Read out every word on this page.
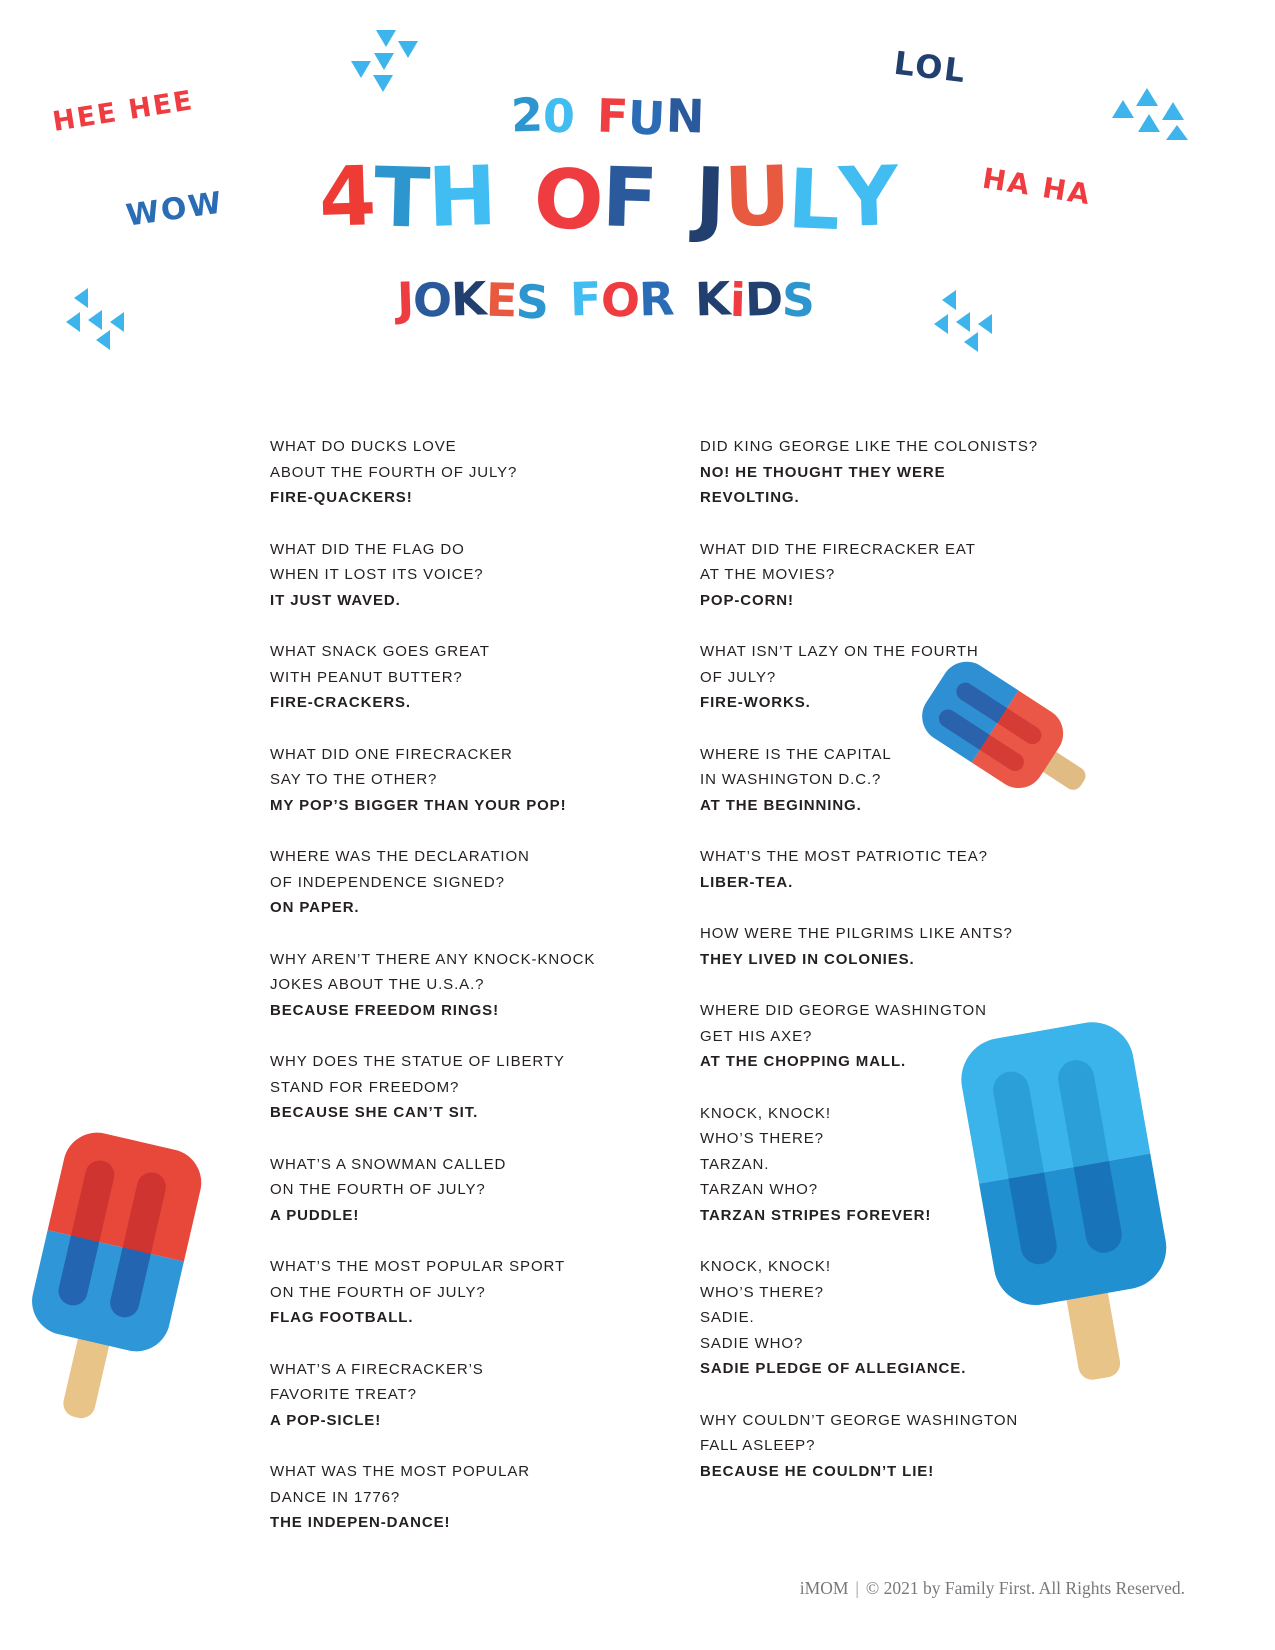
HEE HEE
WOW
LOL
HA HA
20 FUN
4TH OF JULY
JOKES FOR KiDS
WHAT DO DUCKS LOVE
ABOUT THE FOURTH OF JULY?
FIRE-QUACKERS!
WHAT DID THE FLAG DO
WHEN IT LOST ITS VOICE?
IT JUST WAVED.
WHAT SNACK GOES GREAT
WITH PEANUT BUTTER?
FIRE-CRACKERS.
WHAT DID ONE FIRECRACKER
SAY TO THE OTHER?
MY POP’S BIGGER THAN YOUR POP!
WHERE WAS THE DECLARATION
OF INDEPENDENCE SIGNED?
ON PAPER.
WHY AREN’T THERE ANY KNOCK-KNOCK
JOKES ABOUT THE U.S.A.?
BECAUSE FREEDOM RINGS!
WHY DOES THE STATUE OF LIBERTY
STAND FOR FREEDOM?
BECAUSE SHE CAN’T SIT.
WHAT’S A SNOWMAN CALLED
ON THE FOURTH OF JULY?
A PUDDLE!
WHAT’S THE MOST POPULAR SPORT
ON THE FOURTH OF JULY?
FLAG FOOTBALL.
WHAT’S A FIRECRACKER’S
FAVORITE TREAT?
A POP-SICLE!
WHAT WAS THE MOST POPULAR
DANCE IN 1776?
THE INDEPEN-DANCE!
DID KING GEORGE LIKE THE COLONISTS?
NO! HE THOUGHT THEY WERE
REVOLTING.
WHAT DID THE FIRECRACKER EAT
AT THE MOVIES?
POP-CORN!
WHAT ISN’T LAZY ON THE FOURTH
OF JULY?
FIRE-WORKS.
WHERE IS THE CAPITAL
IN WASHINGTON D.C.?
AT THE BEGINNING.
WHAT’S THE MOST PATRIOTIC TEA?
LIBER-TEA.
HOW WERE THE PILGRIMS LIKE ANTS?
THEY LIVED IN COLONIES.
WHERE DID GEORGE WASHINGTON
GET HIS AXE?
AT THE CHOPPING MALL.
KNOCK, KNOCK!
WHO’S THERE?
TARZAN.
TARZAN WHO?
TARZAN STRIPES FOREVER!
KNOCK, KNOCK!
WHO’S THERE?
SADIE.
SADIE WHO?
SADIE PLEDGE OF ALLEGIANCE.
WHY COULDN’T GEORGE WASHINGTON
FALL ASLEEP?
BECAUSE HE COULDN’T LIE!
iMOM | © 2021 by Family First. All Rights Reserved.
